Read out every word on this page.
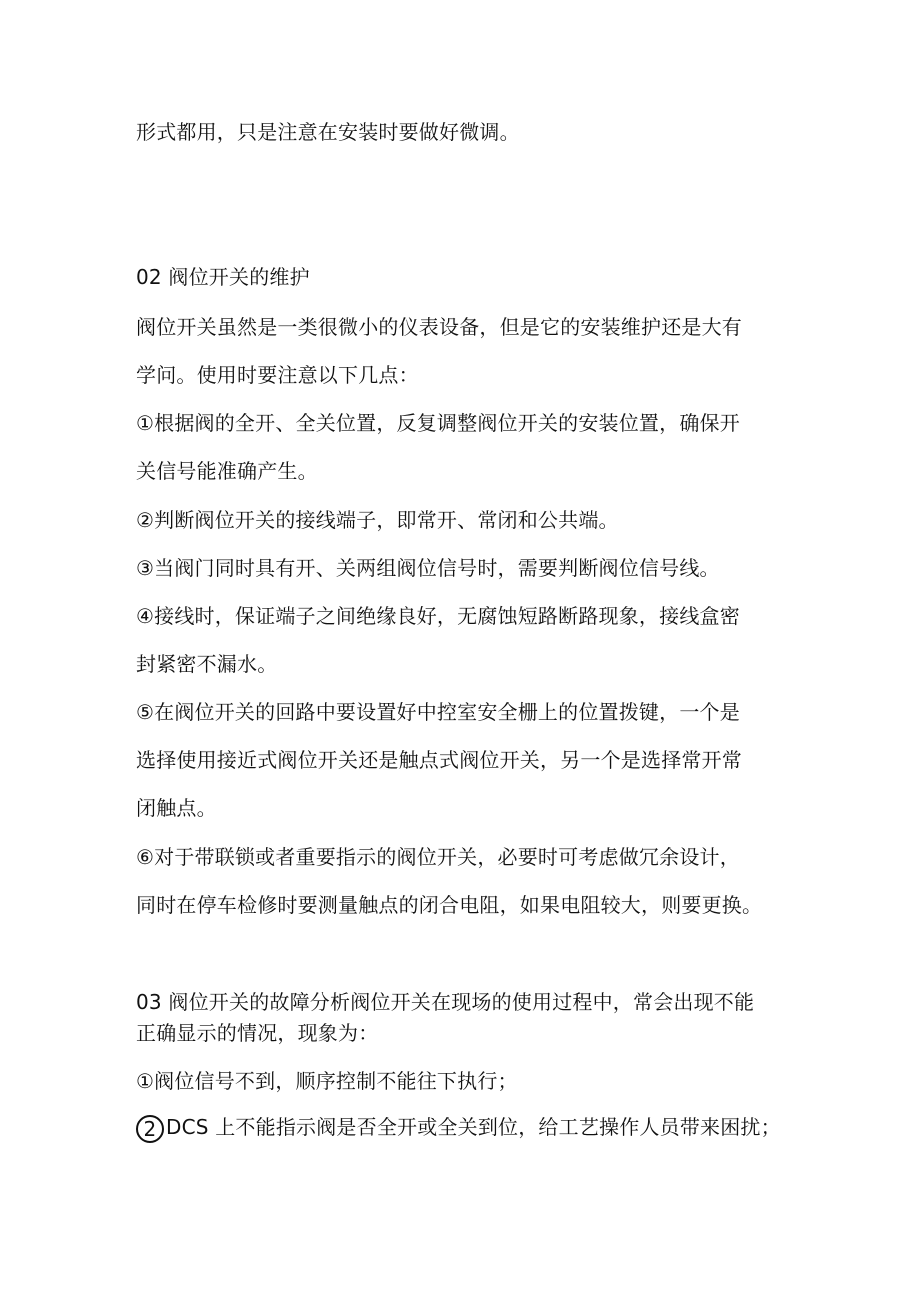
形式都用，只是注意在安装时要做好微调。

02 阀位开关的维护

阀位开关虽然是一类很微小的仪表设备，但是它的安装维护还是大有

学问。使用时要注意以下几点：

①根据阀的全开、全关位置，反复调整阀位开关的安装位置，确保开

关信号能准确产生。

②判断阀位开关的接线端子，即常开、常闭和公共端。

③当阀门同时具有开、关两组阀位信号时，需要判断阀位信号线。

④接线时，保证端子之间绝缘良好，无腐蚀短路断路现象，接线盒密

封紧密不漏水。

⑤在阀位开关的回路中要设置好中控室安全栅上的位置拨键，一个是

选择使用接近式阀位开关还是触点式阀位开关，另一个是选择常开常

闭触点。

⑥对于带联锁或者重要指示的阀位开关，必要时可考虑做冗余设计，

同时在停车检修时要测量触点的闭合电阻，如果电阻较大，则要更换。

03 阀位开关的故障分析阀位开关在现场的使用过程中，常会出现不能

正确显示的情况，现象为：

①阀位信号不到，顺序控制不能往下执行；

2 DCS 上不能指示阀是否全开或全关到位，给工艺操作人员带来困扰；
